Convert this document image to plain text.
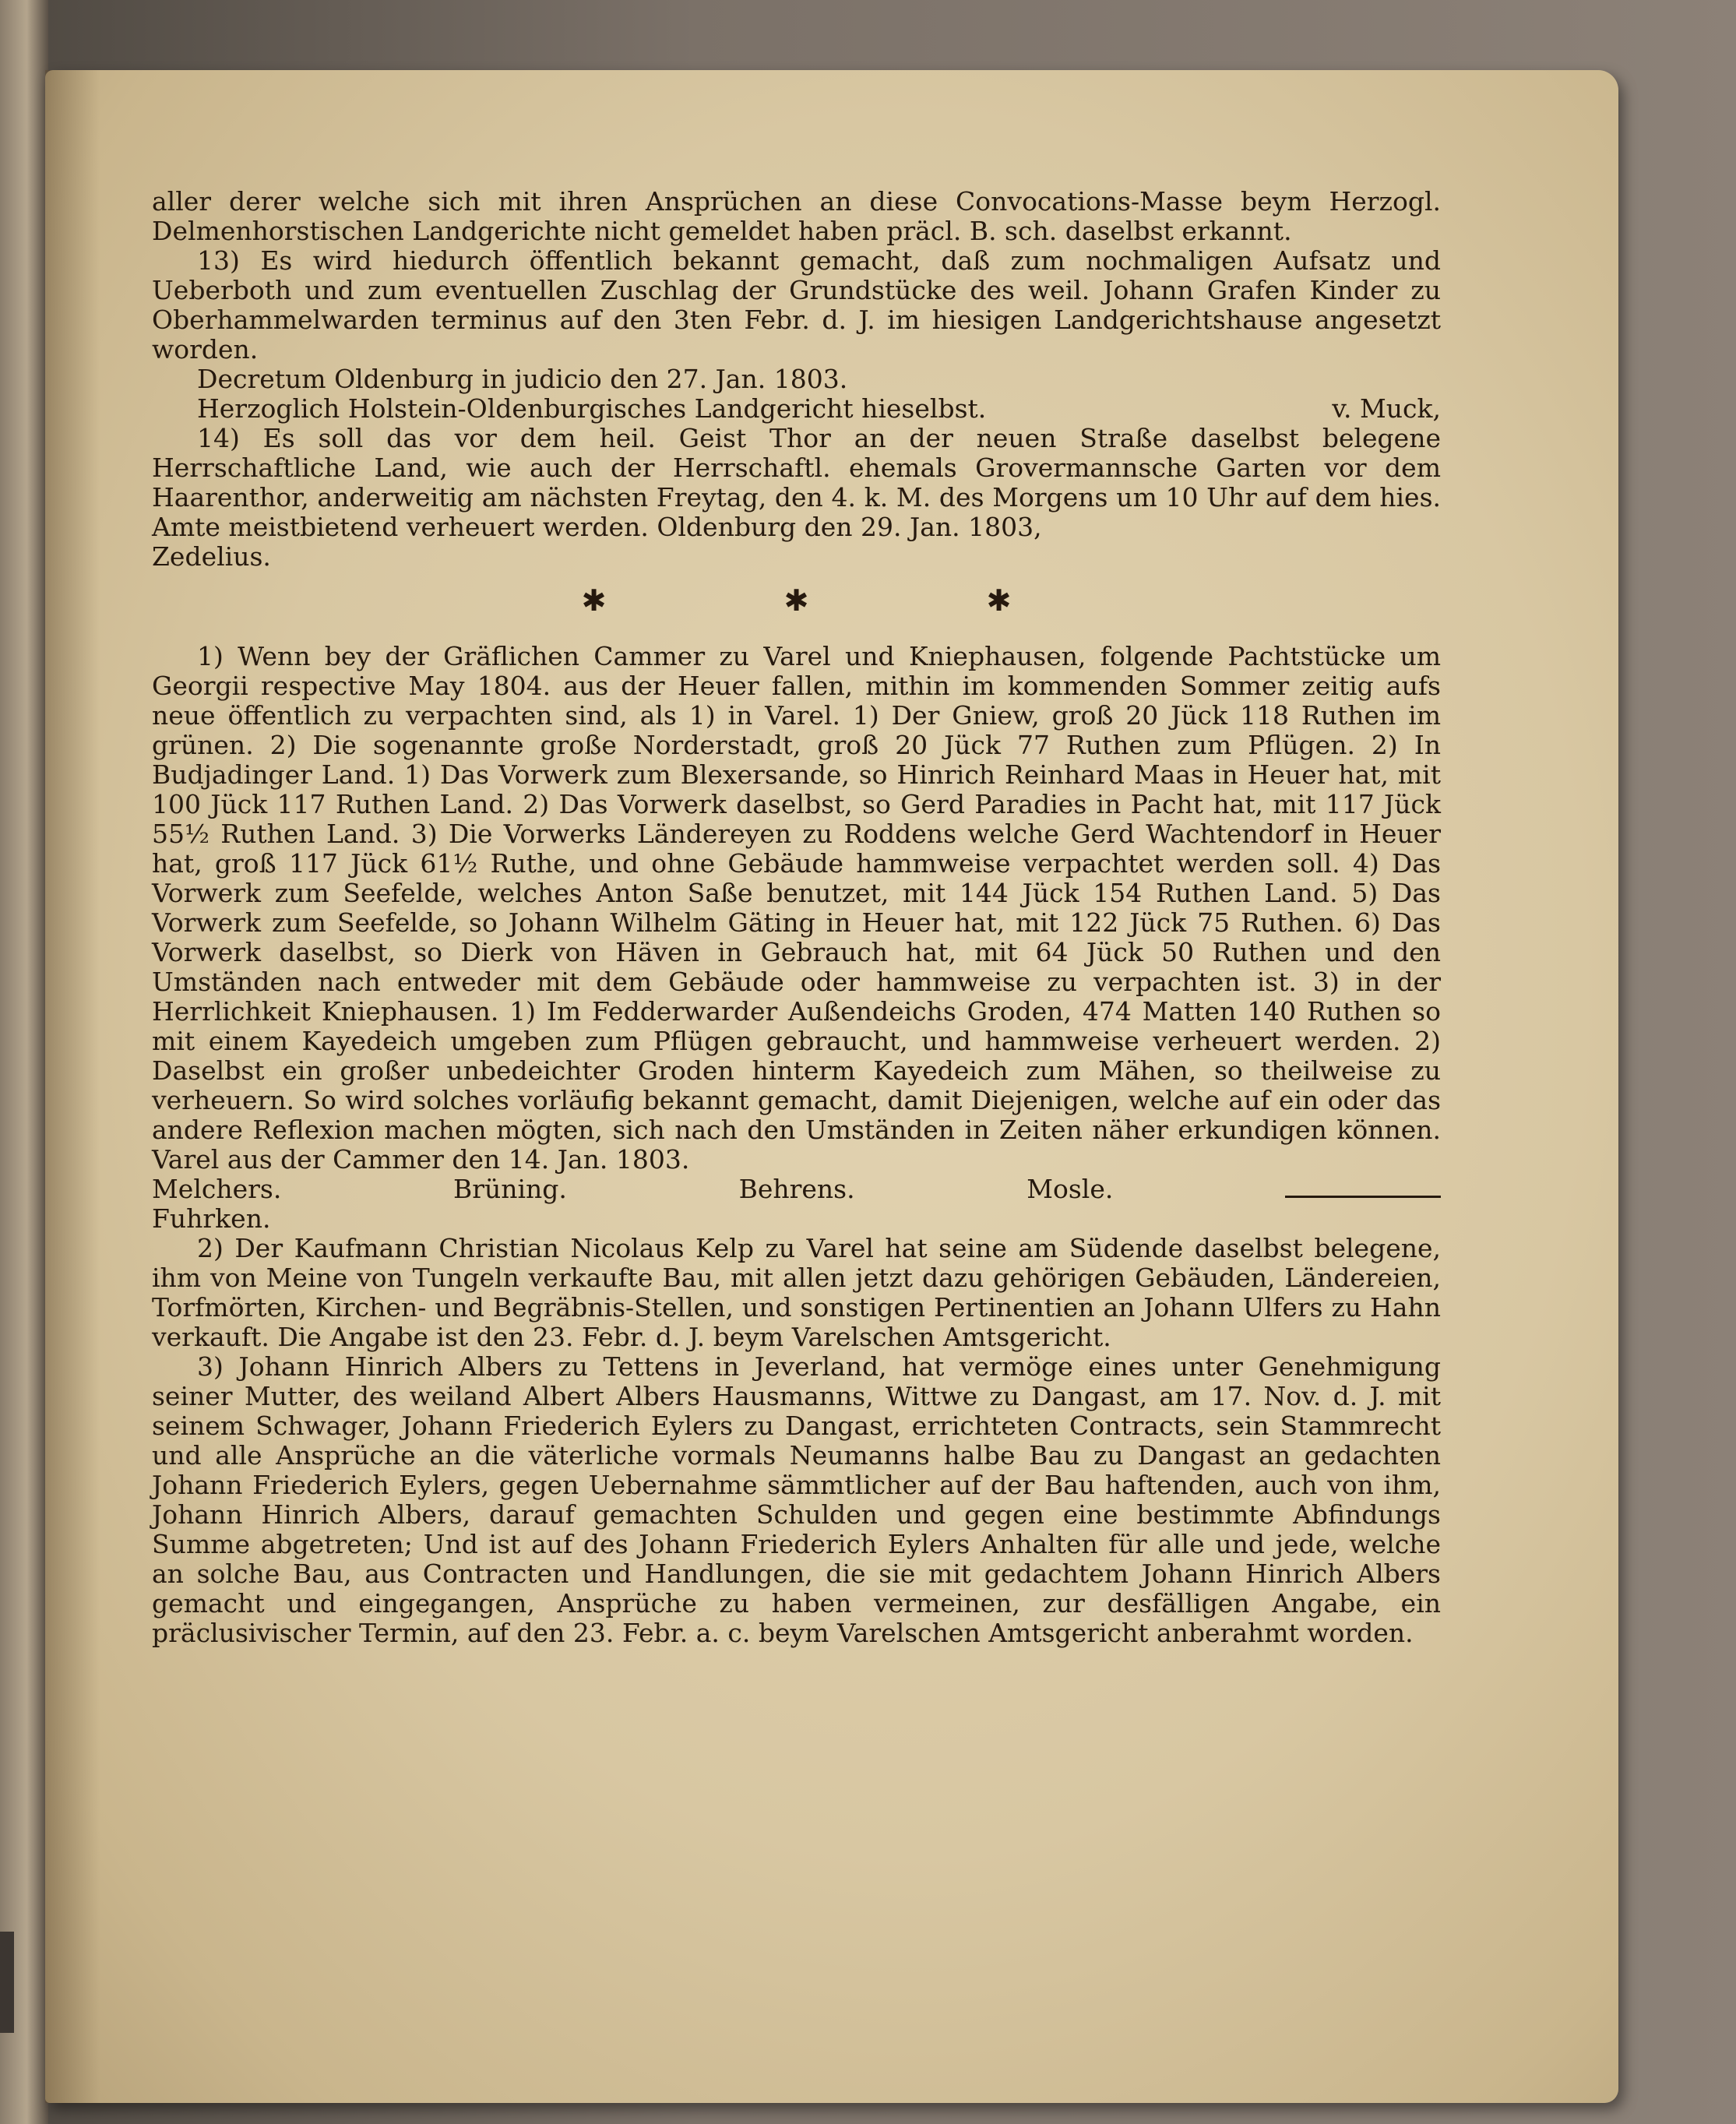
aller derer welche sich mit ihren Ansprüchen an diese Convocations-Masse beym Herzogl. Delmenhorstischen Landgerichte nicht gemeldet haben präcl. B. sch. daselbst erkannt.

13) Es wird hiedurch öffentlich bekannt gemacht, daß zum nochmaligen Aufsatz und Ueberboth und zum eventuellen Zuschlag der Grundstücke des weil. Johann Grafen Kinder zu Oberhammelwarden terminus auf den 3ten Febr. d. J. im hiesigen Landgerichtshause angesetzt worden.

Decretum Oldenburg in judicio den 27. Jan. 1803.

Herzoglich Holstein-Oldenburgisches Landgericht hieselbst.	v. Muck,

14) Es soll das vor dem heil. Geist Thor an der neuen Straße daselbst belegene Herrschaftliche Land, wie auch der Herrschaftl. ehemals Grovermannsche Garten vor dem Haarenthor, anderweitig am nächsten Freytag, den 4. k. M. des Morgens um 10 Uhr auf dem hies. Amte meistbietend verheuert werden. Oldenburg den 29. Jan. 1803,

Zedelius.

✱	✱	✱

1) Wenn bey der Gräflichen Cammer zu Varel und Kniephausen, folgende Pachtstücke um Georgii respective May 1804. aus der Heuer fallen, mithin im kommenden Sommer zeitig aufs neue öffentlich zu verpachten sind, als 1) in Varel. 1) Der Gniew, groß 20 Jück 118 Ruthen im grünen. 2) Die sogenannte große Norderstadt, groß 20 Jück 77 Ruthen zum Pflügen. 2) In Budjadinger Land. 1) Das Vorwerk zum Blexersande, so Hinrich Reinhard Maas in Heuer hat, mit 100 Jück 117 Ruthen Land. 2) Das Vorwerk daselbst, so Gerd Paradies in Pacht hat, mit 117 Jück 55½ Ruthen Land. 3) Die Vorwerks Ländereyen zu Roddens welche Gerd Wachtendorf in Heuer hat, groß 117 Jück 61½ Ruthe, und ohne Gebäude hammweise verpachtet werden soll. 4) Das Vorwerk zum Seefelde, welches Anton Saße benutzet, mit 144 Jück 154 Ruthen Land. 5) Das Vorwerk zum Seefelde, so Johann Wilhelm Gäting in Heuer hat, mit 122 Jück 75 Ruthen. 6) Das Vorwerk daselbst, so Dierk von Häven in Gebrauch hat, mit 64 Jück 50 Ruthen und den Umständen nach entweder mit dem Gebäude oder hammweise zu verpachten ist. 3) in der Herrlichkeit Kniephausen. 1) Im Fedderwarder Außendeichs Groden, 474 Matten 140 Ruthen so mit einem Kayedeich umgeben zum Pflügen gebraucht, und hammweise verheuert werden. 2) Daselbst ein großer unbedeichter Groden hinterm Kayedeich zum Mähen, so theilweise zu verheuern. So wird solches vorläufig bekannt gemacht, damit Diejenigen, welche auf ein oder das andere Reflexion machen mögten, sich nach den Umständen in Zeiten näher erkundigen können. Varel aus der Cammer den 14. Jan. 1803.

Melchers.	Brüning.	Behrens.	Mosle.

Fuhrken.

2) Der Kaufmann Christian Nicolaus Kelp zu Varel hat seine am Südende daselbst belegene, ihm von Meine von Tungeln verkaufte Bau, mit allen jetzt dazu gehörigen Gebäuden, Ländereien, Torfmörten, Kirchen- und Begräbnis-Stellen, und sonstigen Pertinentien an Johann Ulfers zu Hahn verkauft. Die Angabe ist den 23. Febr. d. J. beym Varelschen Amtsgericht.

3) Johann Hinrich Albers zu Tettens in Jeverland, hat vermöge eines unter Genehmigung seiner Mutter, des weiland Albert Albers Hausmanns, Wittwe zu Dangast, am 17. Nov. d. J. mit seinem Schwager, Johann Friederich Eylers zu Dangast, errichteten Contracts, sein Stammrecht und alle Ansprüche an die väterliche vormals Neumanns halbe Bau zu Dangast an gedachten Johann Friederich Eylers, gegen Uebernahme sämmtlicher auf der Bau haftenden, auch von ihm, Johann Hinrich Albers, darauf gemachten Schulden und gegen eine bestimmte Abfindungs Summe abgetreten; Und ist auf des Johann Friederich Eylers Anhalten für alle und jede, welche an solche Bau, aus Contracten und Handlungen, die sie mit gedachtem Johann Hinrich Albers gemacht und eingegangen, Ansprüche zu haben vermeinen, zur desfälligen Angabe, ein präclusivischer Termin, auf den 23. Febr. a. c. beym Varelschen Amtsgericht anberahmt worden.
